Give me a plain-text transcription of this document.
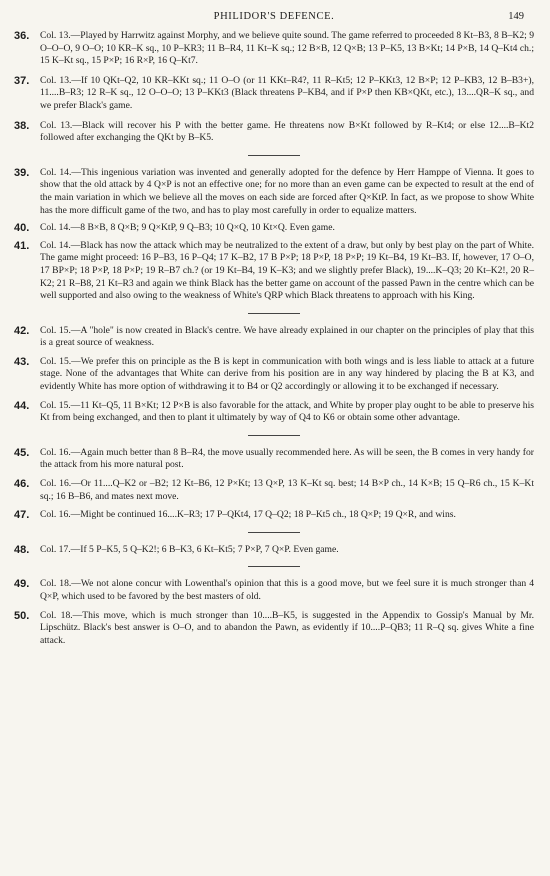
PHILIDOR'S DEFENCE.	149
36.	Col. 13.—Played by Harrwitz against Morphy, and we believe quite sound. The game referred to proceeded 8 Kt–B3, 8 B–K2; 9 O–O–O, 9 O–O; 10 KR–K sq., 10 P–KR3; 11 B–R4, 11 Kt–K sq.; 12 B×B, 12 Q×B; 13 P–K5, 13 B×Kt; 14 P×B, 14 Q–Kt4 ch.; 15 K–Kt sq., 15 P×P; 16 R×P, 16 Q–Kt7.
37.	Col. 13.—If 10 QKt–Q2, 10 KR–KKt sq.; 11 O–O (or 11 KKt–R4?, 11 R–Kt5; 12 P–KKt3, 12 B×P; 12 P–KB3, 12 B–B3+), 11....B–R3; 12 R–K sq., 12 O–O–O; 13 P–KKt3 (Black threatens P–KB4, and if P×P then KB×QKt, etc.), 13....QR–K sq., and we prefer Black's game.
38.	Col. 13.—Black will recover his P with the better game. He threatens now B×Kt followed by R–Kt4; or else 12....B–Kt2 followed after exchanging the QKt by B–K5.
39.	Col. 14.—This ingenious variation was invented and generally adopted for the defence by Herr Hamppe of Vienna. It goes to show that the old attack by 4 Q×P is not an effective one; for no more than an even game can be expected to result at the end of the main variation in which we believe all the moves on each side are forced after Q×KtP. In fact, as we propose to show White has the more difficult game of the two, and has to play most carefully in order to equalize matters.
40.	Col. 14.—8 B×B, 8 Q×B; 9 Q×KtP, 9 Q–B3; 10 Q×Q, 10 Kt×Q. Even game.
41.	Col. 14.—Black has now the attack which may be neutralized to the extent of a draw, but only by best play on the part of White. The game might proceed: 16 P–B3, 16 P–Q4; 17 K–B2, 17 B P×P; 18 P×P, 18 P×P; 19 Kt–B4, 19 Kt–B3. If, however, 17 O–O, 17 BP×P; 18 P×P, 18 P×P; 19 R–B7 ch.? (or 19 Kt–B4, 19 K–K3; and we slightly prefer Black), 19....K–Q3; 20 Kt–K2!, 20 R–K2; 21 R–B8, 21 Kt–R3 and again we think Black has the better game on account of the passed Pawn in the centre which can be well supported and also owing to the weakness of White's QRP which Black threatens to approach with his King.
42.	Col. 15.—A "hole" is now created in Black's centre. We have already explained in our chapter on the principles of play that this is a great source of weakness.
43.	Col. 15.—We prefer this on principle as the B is kept in communication with both wings and is less liable to attack at a future stage. None of the advantages that White can derive from his position are in any way hindered by placing the B at K3, and evidently White has more option of withdrawing it to B4 or Q2 accordingly or allowing it to be exchanged if necessary.
44.	Col. 15.—11 Kt–Q5, 11 B×Kt; 12 P×B is also favorable for the attack, and White by proper play ought to be able to preserve his Kt from being exchanged, and then to plant it ultimately by way of Q4 to K6 or obtain some other advantage.
45.	Col. 16.—Again much better than 8 B–R4, the move usually recommended here. As will be seen, the B comes in very handy for the attack from his more natural post.
46.	Col. 16.—Or 11....Q–K2 or –B2; 12 Kt–B6, 12 P×Kt; 13 Q×P, 13 K–Kt sq. best; 14 B×P ch., 14 K×B; 15 Q–R6 ch., 15 K–Kt sq.; 16 B–B6, and mates next move.
47.	Col. 16.—Might be continued 16....K–R3; 17 P–QKt4, 17 Q–Q2; 18 P–Kt5 ch., 18 Q×P; 19 Q×R, and wins.
48.	Col. 17.—If 5 P–K5, 5 Q–K2!; 6 B–K3, 6 Kt–Kt5; 7 P×P, 7 Q×P. Even game.
49.	Col. 18.—We not alone concur with Lowenthal's opinion that this is a good move, but we feel sure it is much stronger than 4 Q×P, which used to be favored by the best masters of old.
50.	Col. 18.—This move, which is much stronger than 10....B–K5, is suggested in the Appendix to Gossip's Manual by Mr. Lipschütz. Black's best answer is O–O, and to abandon the Pawn, as evidently if 10....P–QB3; 11 R–Q sq. gives White a fine attack.
